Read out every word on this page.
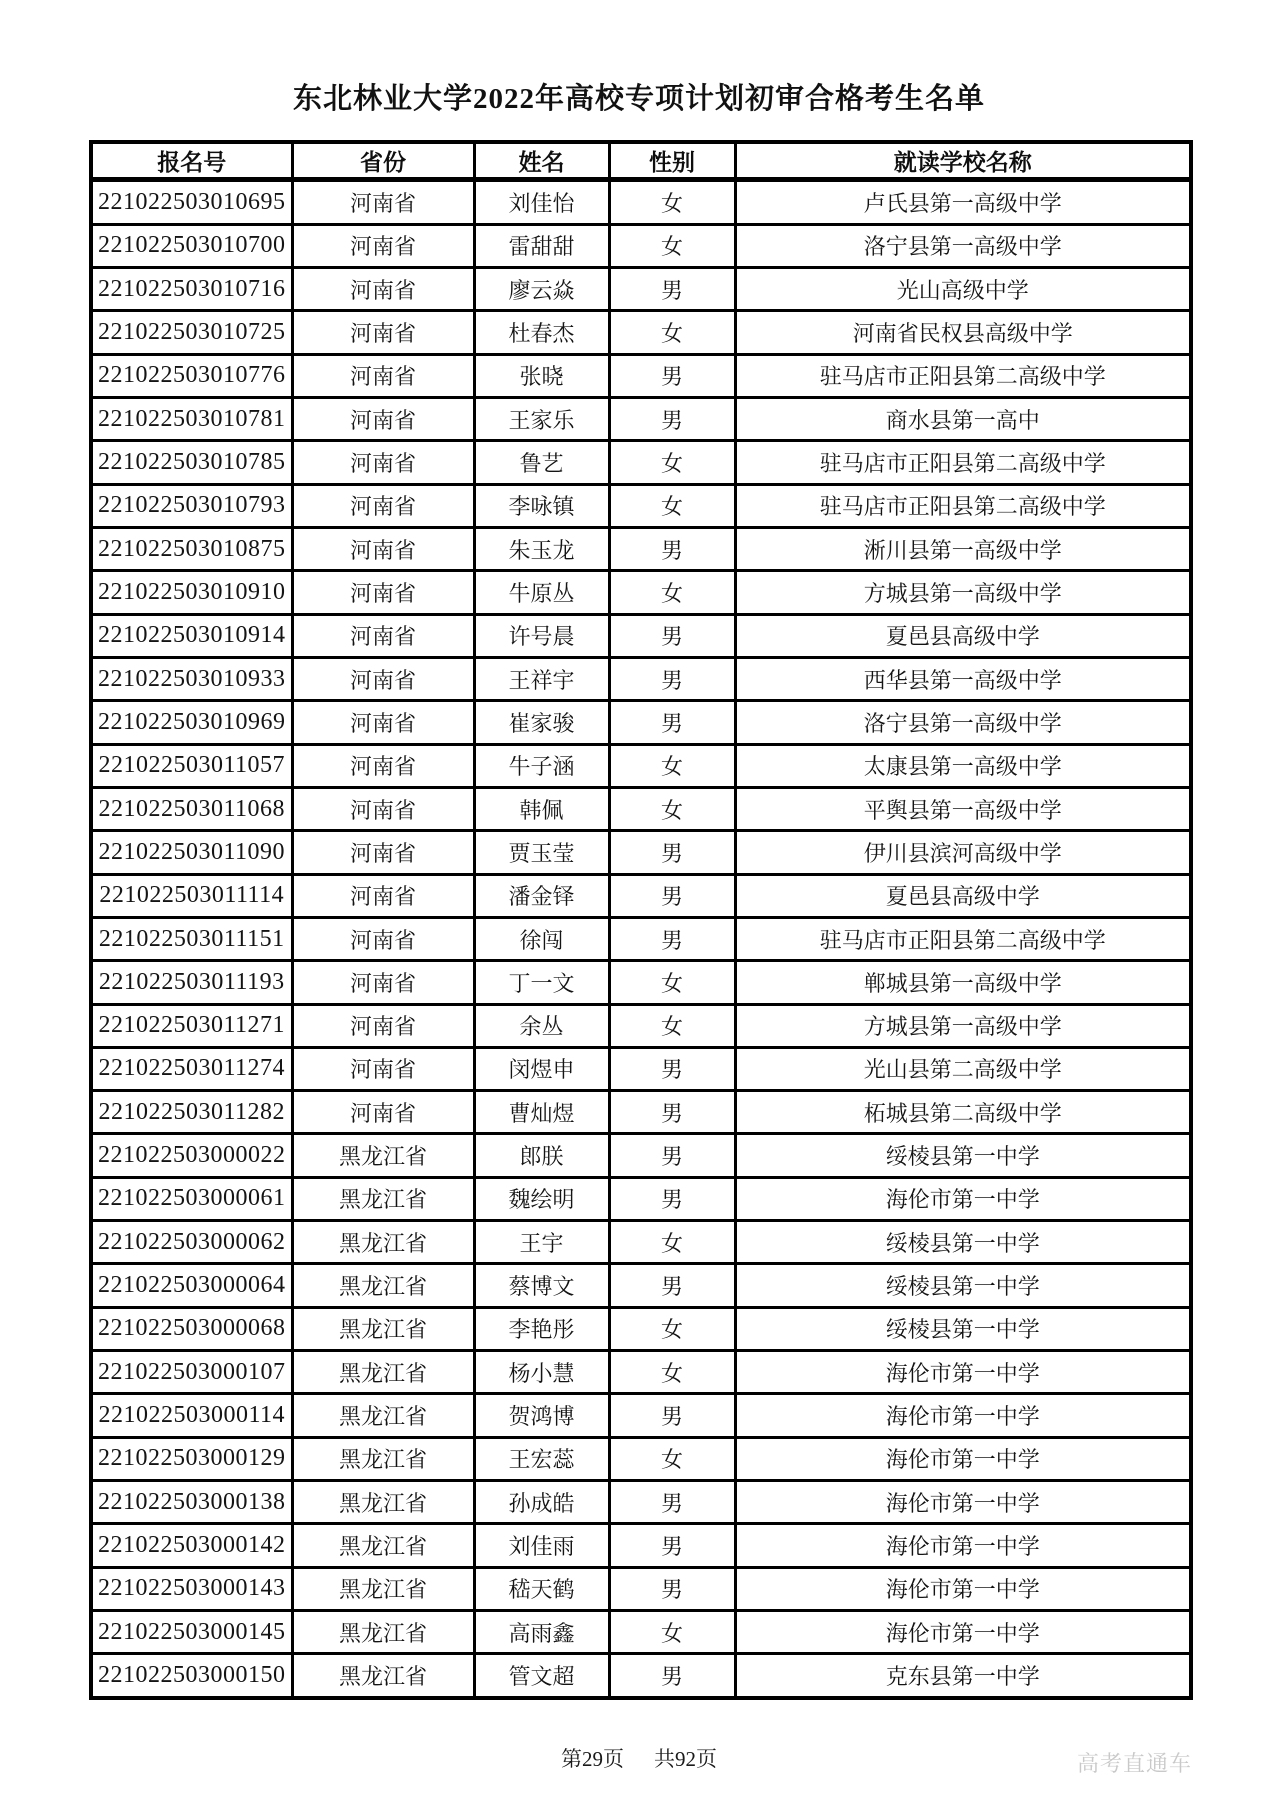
东北林业大学2022年高校专项计划初审合格考生名单
报名号	省份	姓名	性别	就读学校名称
221022503010695	河南省	刘佳怡	女	卢氏县第一高级中学
221022503010700	河南省	雷甜甜	女	洛宁县第一高级中学
221022503010716	河南省	廖云焱	男	光山高级中学
221022503010725	河南省	杜春杰	女	河南省民权县高级中学
221022503010776	河南省	张晓	男	驻马店市正阳县第二高级中学
221022503010781	河南省	王家乐	男	商水县第一高中
221022503010785	河南省	鲁艺	女	驻马店市正阳县第二高级中学
221022503010793	河南省	李咏镇	女	驻马店市正阳县第二高级中学
221022503010875	河南省	朱玉龙	男	淅川县第一高级中学
221022503010910	河南省	牛原丛	女	方城县第一高级中学
221022503010914	河南省	许号晨	男	夏邑县高级中学
221022503010933	河南省	王祥宇	男	西华县第一高级中学
221022503010969	河南省	崔家骏	男	洛宁县第一高级中学
221022503011057	河南省	牛子涵	女	太康县第一高级中学
221022503011068	河南省	韩佩	女	平舆县第一高级中学
221022503011090	河南省	贾玉莹	男	伊川县滨河高级中学
221022503011114	河南省	潘金铎	男	夏邑县高级中学
221022503011151	河南省	徐闯	男	驻马店市正阳县第二高级中学
221022503011193	河南省	丁一文	女	郸城县第一高级中学
221022503011271	河南省	余丛	女	方城县第一高级中学
221022503011274	河南省	闵煜申	男	光山县第二高级中学
221022503011282	河南省	曹灿煜	男	柘城县第二高级中学
221022503000022	黑龙江省	郎朕	男	绥棱县第一中学
221022503000061	黑龙江省	魏绘明	男	海伦市第一中学
221022503000062	黑龙江省	王宇	女	绥棱县第一中学
221022503000064	黑龙江省	蔡博文	男	绥棱县第一中学
221022503000068	黑龙江省	李艳彤	女	绥棱县第一中学
221022503000107	黑龙江省	杨小慧	女	海伦市第一中学
221022503000114	黑龙江省	贺鸿博	男	海伦市第一中学
221022503000129	黑龙江省	王宏蕊	女	海伦市第一中学
221022503000138	黑龙江省	孙成皓	男	海伦市第一中学
221022503000142	黑龙江省	刘佳雨	男	海伦市第一中学
221022503000143	黑龙江省	嵇天鹤	男	海伦市第一中学
221022503000145	黑龙江省	高雨鑫	女	海伦市第一中学
221022503000150	黑龙江省	管文超	男	克东县第一中学
第29页 共92页	高考直通车
